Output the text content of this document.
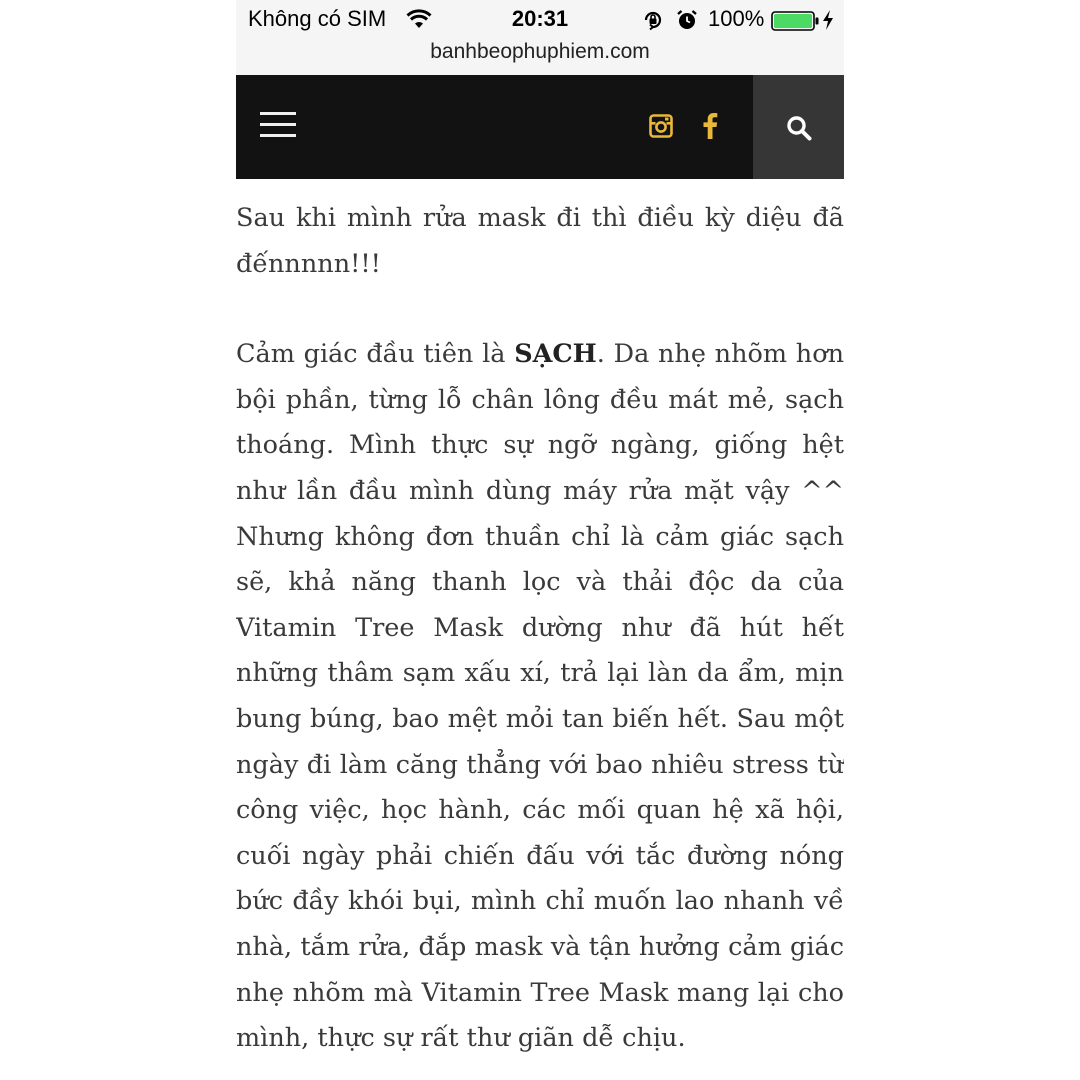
Không có SIM	20:31	100%
banhbeophuphiem.com

Sau khi mình rửa mask đi thì điều kỳ diệu đã đếnnnnn!!!

Cảm giác đầu tiên là SẠCH. Da nhẹ nhõm hơn bội phần, từng lỗ chân lông đều mát mẻ, sạch thoáng. Mình thực sự ngỡ ngàng, giống hệt như lần đầu mình dùng máy rửa mặt vậy ^^ Nhưng không đơn thuần chỉ là cảm giác sạch sẽ, khả năng thanh lọc và thải độc da của Vitamin Tree Mask dường như đã hút hết những thâm sạm xấu xí, trả lại làn da ẩm, mịn bung búng, bao mệt mỏi tan biến hết. Sau một ngày đi làm căng thẳng với bao nhiêu stress từ công việc, học hành, các mối quan hệ xã hội, cuối ngày phải chiến đấu với tắc đường nóng bức đầy khói bụi, mình chỉ muốn lao nhanh về nhà, tắm rửa, đắp mask và tận hưởng cảm giác nhẹ nhõm mà Vitamin Tree Mask mang lại cho mình, thực sự rất thư giãn dễ chịu.
